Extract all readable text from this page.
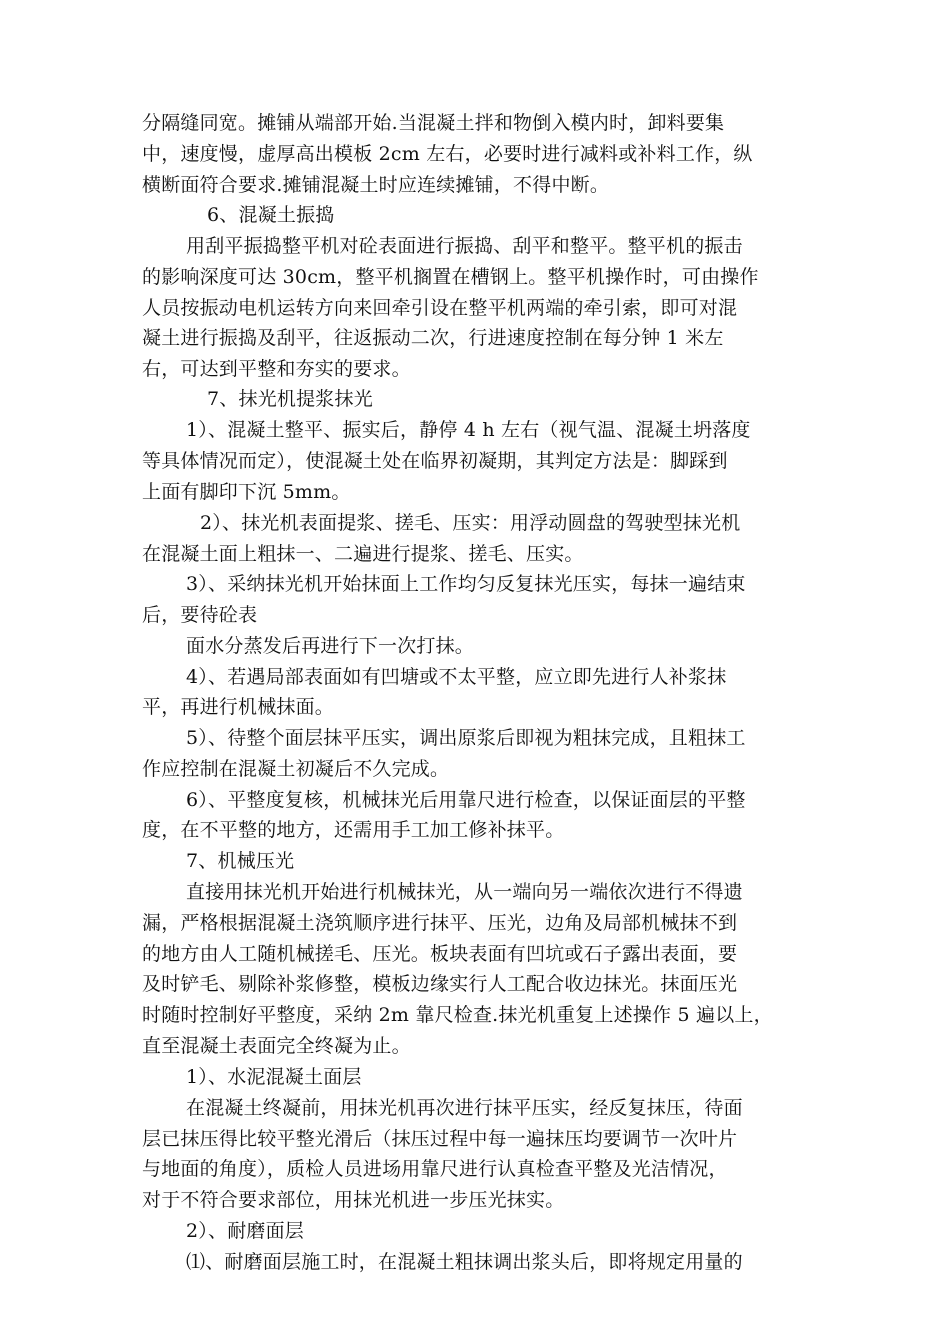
分隔缝同宽。摊铺从端部开始.当混凝土拌和物倒入模内时，卸料要集
中，速度慢，虚厚高出模板 2cm 左右，必要时进行减料或补料工作，纵
横断面符合要求.摊铺混凝土时应连续摊铺，不得中断。
6、混凝土振捣
用刮平振捣整平机对砼表面进行振捣、刮平和整平。整平机的振击
的影响深度可达 30cm，整平机搁置在槽钢上。整平机操作时，可由操作
人员按振动电机运转方向来回牵引设在整平机两端的牵引索，即可对混
凝土进行振捣及刮平，往返振动二次，行进速度控制在每分钟 1 米左
右，可达到平整和夯实的要求。
7、抹光机提浆抹光
1）、混凝土整平、振实后，静停 4 h 左右（视气温、混凝土坍落度
等具体情况而定），使混凝土处在临界初凝期，其判定方法是：脚踩到
上面有脚印下沉 5mm。
2）、抹光机表面提浆、搓毛、压实：用浮动圆盘的驾驶型抹光机
在混凝土面上粗抹一、二遍进行提浆、搓毛、压实。
3）、采纳抹光机开始抹面上工作均匀反复抹光压实，每抹一遍结束
后，要待砼表
面水分蒸发后再进行下一次打抹。
4）、若遇局部表面如有凹塘或不太平整，应立即先进行人补浆抹
平，再进行机械抹面。
5）、待整个面层抹平压实，调出原浆后即视为粗抹完成，且粗抹工
作应控制在混凝土初凝后不久完成。
6）、平整度复核，机械抹光后用靠尺进行检查，以保证面层的平整
度，在不平整的地方，还需用手工加工修补抹平。
7、机械压光
直接用抹光机开始进行机械抹光，从一端向另一端依次进行不得遗
漏，严格根据混凝土浇筑顺序进行抹平、压光，边角及局部机械抹不到
的地方由人工随机械搓毛、压光。板块表面有凹坑或石子露出表面，要
及时铲毛、剔除补浆修整，模板边缘实行人工配合收边抹光。抹面压光
时随时控制好平整度，采纳 2m 靠尺检查.抹光机重复上述操作 5 遍以上，
直至混凝土表面完全终凝为止。
1）、水泥混凝土面层
在混凝土终凝前，用抹光机再次进行抹平压实，经反复抹压，待面
层已抹压得比较平整光滑后（抹压过程中每一遍抹压均要调节一次叶片
与地面的角度），质检人员进场用靠尺进行认真检查平整及光洁情况，
对于不符合要求部位，用抹光机进一步压光抹实。
2）、耐磨面层
⑴、耐磨面层施工时，在混凝土粗抹调出浆头后，即将规定用量的
